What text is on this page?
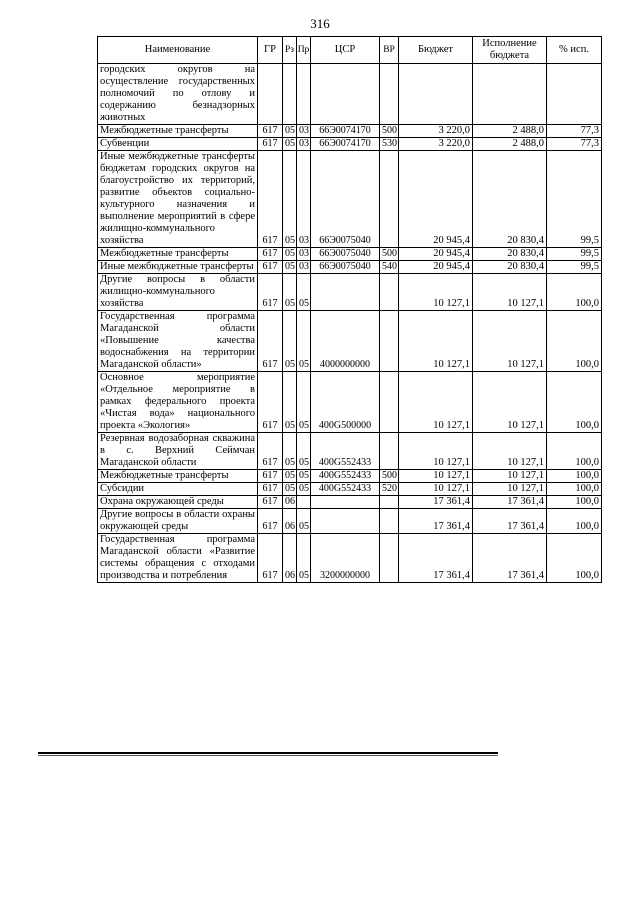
316
Наименование	ГР	Рз	Пр	ЦСР	ВР	Бюджет	Исполнение бюджета	% исп.
городских округов на осуществление государственных полномочий по отлову и содержанию безнадзорных животных								
Межбюджетные трансферты	617	05	03	66Э0074170	500	3 220,0	2 488,0	77,3
Субвенции	617	05	03	66Э0074170	530	3 220,0	2 488,0	77,3
Иные межбюджетные трансферты бюджетам городских округов на благоустройство их территорий, развитие объектов социально-культурного назначения и выполнение мероприятий в сфере жилищно-коммунального хозяйства	617	05	03	66Э0075040		20 945,4	20 830,4	99,5
Межбюджетные трансферты	617	05	03	66Э0075040	500	20 945,4	20 830,4	99,5
Иные межбюджетные трансферты	617	05	03	66Э0075040	540	20 945,4	20 830,4	99,5
Другие вопросы в области жилищно-коммунального хозяйства	617	05	05			10 127,1	10 127,1	100,0
Государственная программа Магаданской области «Повышение качества водоснабжения на территории Магаданской области»	617	05	05	4000000000		10 127,1	10 127,1	100,0
Основное мероприятие «Отдельное мероприятие в рамках федерального проекта «Чистая вода» национального проекта «Экология»	617	05	05	400G500000		10 127,1	10 127,1	100,0
Резервная водозаборная скважина в с. Верхний Сеймчан Магаданской области	617	05	05	400G552433		10 127,1	10 127,1	100,0
Межбюджетные трансферты	617	05	05	400G552433	500	10 127,1	10 127,1	100,0
Субсидии	617	05	05	400G552433	520	10 127,1	10 127,1	100,0
Охрана окружающей среды	617	06				17 361,4	17 361,4	100,0
Другие вопросы в области охраны окружающей среды	617	06	05			17 361,4	17 361,4	100,0
Государственная программа Магаданской области «Развитие системы обращения с отходами производства и потребления	617	06	05	3200000000		17 361,4	17 361,4	100,0
